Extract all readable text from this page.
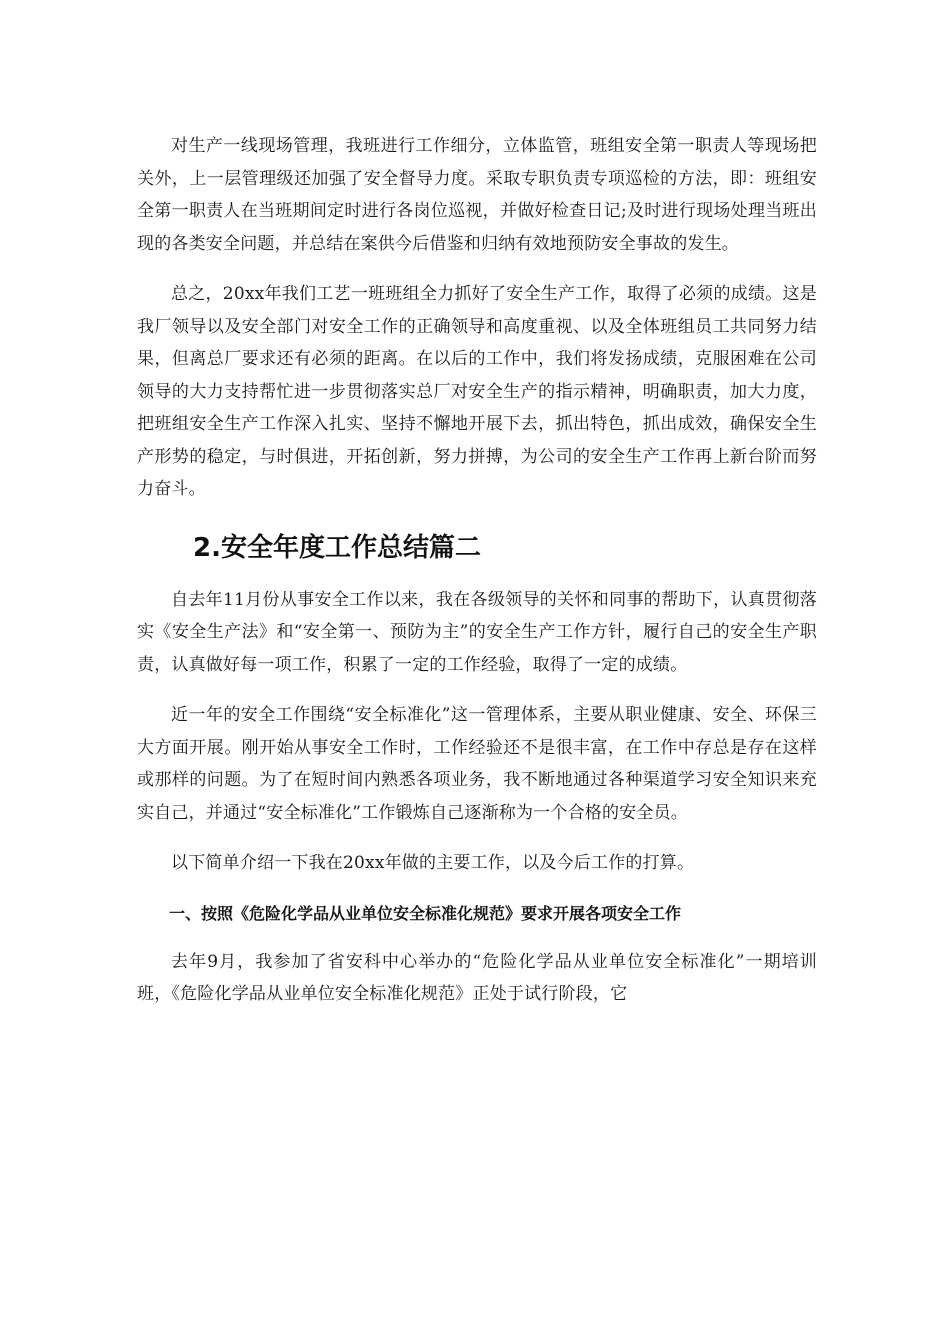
对生产一线现场管理，我班进行工作细分，立体监管，班组安全第一职责人等现场把关外，上一层管理级还加强了安全督导力度。采取专职负责专项巡检的方法，即：班组安全第一职责人在当班期间定时进行各岗位巡视，并做好检查日记;及时进行现场处理当班出现的各类安全问题，并总结在案供今后借鉴和归纳有效地预防安全事故的发生。

总之，20xx年我们工艺一班班组全力抓好了安全生产工作，取得了必须的成绩。这是我厂领导以及安全部门对安全工作的正确领导和高度重视、以及全体班组员工共同努力结果，但离总厂要求还有必须的距离。在以后的工作中，我们将发扬成绩，克服困难在公司领导的大力支持帮忙进一步贯彻落实总厂对安全生产的指示精神，明确职责，加大力度，把班组安全生产工作深入扎实、坚持不懈地开展下去，抓出特色，抓出成效，确保安全生产形势的稳定，与时俱进，开拓创新，努力拼搏，为公司的安全生产工作再上新台阶而努力奋斗。

2.安全年度工作总结篇二

自去年11月份从事安全工作以来，我在各级领导的关怀和同事的帮助下，认真贯彻落实《安全生产法》和“安全第一、预防为主”的安全生产工作方针，履行自己的安全生产职责，认真做好每一项工作，积累了一定的工作经验，取得了一定的成绩。

近一年的安全工作围绕“安全标准化”这一管理体系，主要从职业健康、安全、环保三大方面开展。刚开始从事安全工作时，工作经验还不是很丰富，在工作中存总是存在这样或那样的问题。为了在短时间内熟悉各项业务，我不断地通过各种渠道学习安全知识来充实自己，并通过“安全标准化”工作锻炼自己逐渐称为一个合格的安全员。

以下简单介绍一下我在20xx年做的主要工作，以及今后工作的打算。

一、按照《危险化学品从业单位安全标准化规范》要求开展各项安全工作

去年9月，我参加了省安科中心举办的“危险化学品从业单位安全标准化”一期培训班，《危险化学品从业单位安全标准化规范》正处于试行阶段，它
